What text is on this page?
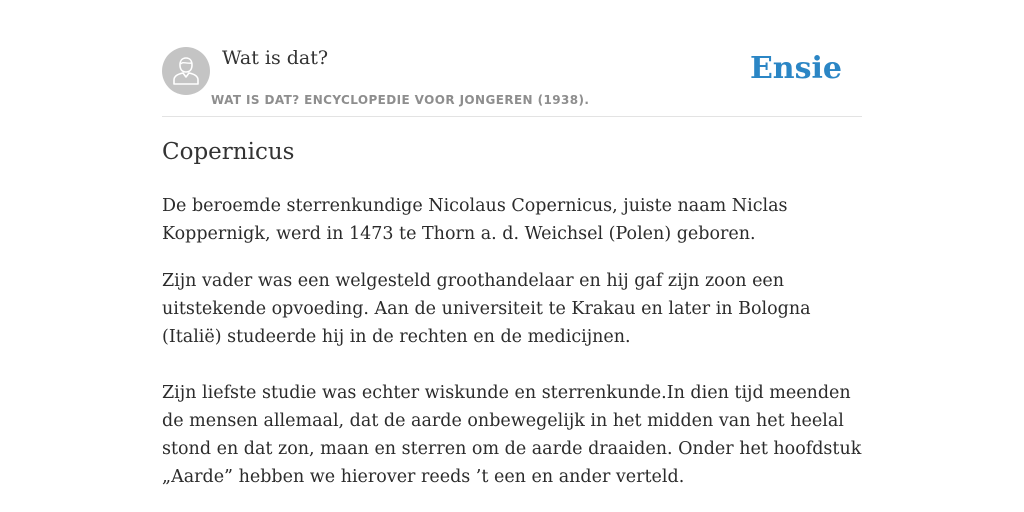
Wat is dat?
WAT IS DAT? ENCYCLOPEDIE VOOR JONGEREN (1938).
Ensie
Copernicus

De beroemde sterrenkundige Nicolaus Copernicus, juiste naam Niclas Koppernigk, werd in 1473 te Thorn a. d. Weichsel (Polen) geboren.

Zijn vader was een welgesteld groothandelaar en hij gaf zijn zoon een uitstekende opvoeding. Aan de universiteit te Krakau en later in Bologna (Italië) studeerde hij in de rechten en de medicijnen.

Zijn liefste studie was echter wiskunde en sterrenkunde.In dien tijd meenden de mensen allemaal, dat de aarde onbewegelijk in het midden van het heelal stond en dat zon, maan en sterren om de aarde draaiden. Onder het hoofdstuk „Aarde” hebben we hierover reeds ’t een en ander verteld.
